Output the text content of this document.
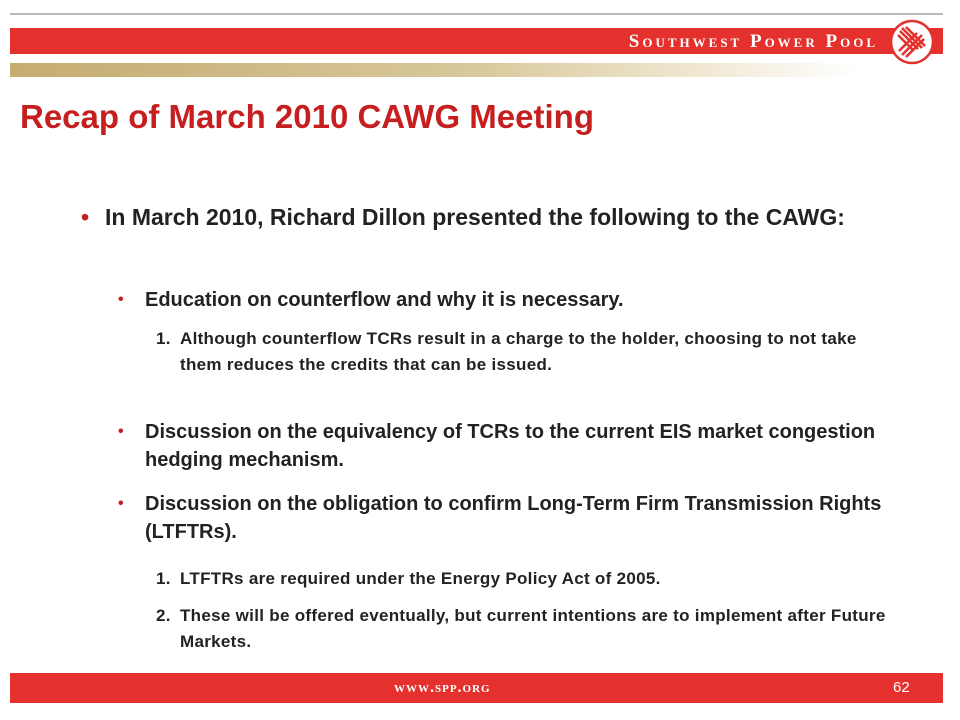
Southwest Power Pool
Recap of March 2010 CAWG Meeting
• In March 2010, Richard Dillon presented the following to the CAWG:
• Education on counterflow and why it is necessary.
1. Although counterflow TCRs result in a charge to the holder, choosing to not take them reduces the credits that can be issued.
• Discussion on the equivalency of TCRs to the current EIS market congestion hedging mechanism.
• Discussion on the obligation to confirm Long-Term Firm Transmission Rights (LTFTRs).
1. LTFTRs are required under the Energy Policy Act of 2005.
2. These will be offered eventually, but current intentions are to implement after Future Markets.
www.spp.org	62
